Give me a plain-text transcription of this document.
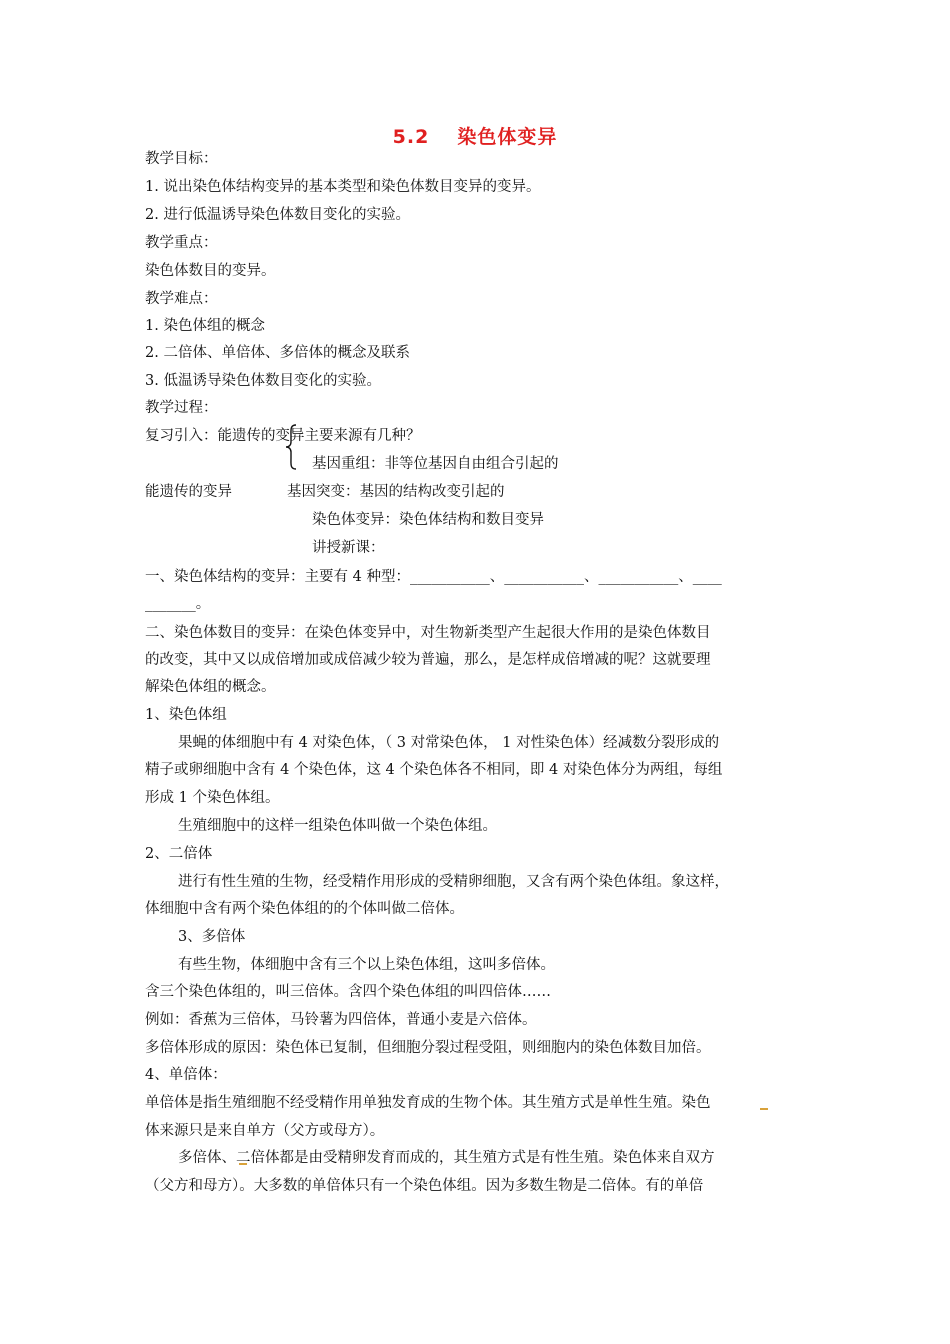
5.2 染色体变异
教学目标：
1. 说出染色体结构变异的基本类型和染色体数目变异的变异。
2. 进行低温诱导染色体数目变化的实验。
教学重点：
染色体数目的变异。
教学难点：
1. 染色体组的概念
2. 二倍体、单倍体、多倍体的概念及联系
3. 低温诱导染色体数目变化的实验。
教学过程：
复习引入：能遗传的变异主要来源有几种？
基因重组：非等位基因自由组合引起的
能遗传的变异	基因突变：基因的结构改变引起的
染色体变异：染色体结构和数目变异
讲授新课：
一、染色体结构的变异：主要有 4 种型：___________、___________、___________、____
_______。
二、染色体数目的变异：在染色体变异中，对生物新类型产生起很大作用的是染色体数目
的改变，其中又以成倍增加或成倍减少较为普遍，那么，是怎样成倍增减的呢？这就要理
解染色体组的概念。
1、染色体组
果蝇的体细胞中有 4 对染色体，（ 3 对常染色体， 1 对性染色体）经减数分裂形成的
精子或卵细胞中含有 4 个染色体，这 4 个染色体各不相同，即 4 对染色体分为两组，每组
形成 1 个染色体组。
生殖细胞中的这样一组染色体叫做一个染色体组。
2、二倍体
进行有性生殖的生物，经受精作用形成的受精卵细胞，又含有两个染色体组。象这样，
体细胞中含有两个染色体组的的个体叫做二倍体。
3、多倍体
有些生物，体细胞中含有三个以上染色体组，这叫多倍体。
含三个染色体组的，叫三倍体。含四个染色体组的叫四倍体……
例如：香蕉为三倍体，马铃薯为四倍体，普通小麦是六倍体。
多倍体形成的原因：染色体已复制，但细胞分裂过程受阻，则细胞内的染色体数目加倍。
4、单倍体：
单倍体是指生殖细胞不经受精作用单独发育成的生物个体。其生殖方式是单性生殖。染色
体来源只是来自单方（父方或母方）。
多倍体、二倍体都是由受精卵发育而成的，其生殖方式是有性生殖。染色体来自双方
（父方和母方）。大多数的单倍体只有一个染色体组。因为多数生物是二倍体。有的单倍
